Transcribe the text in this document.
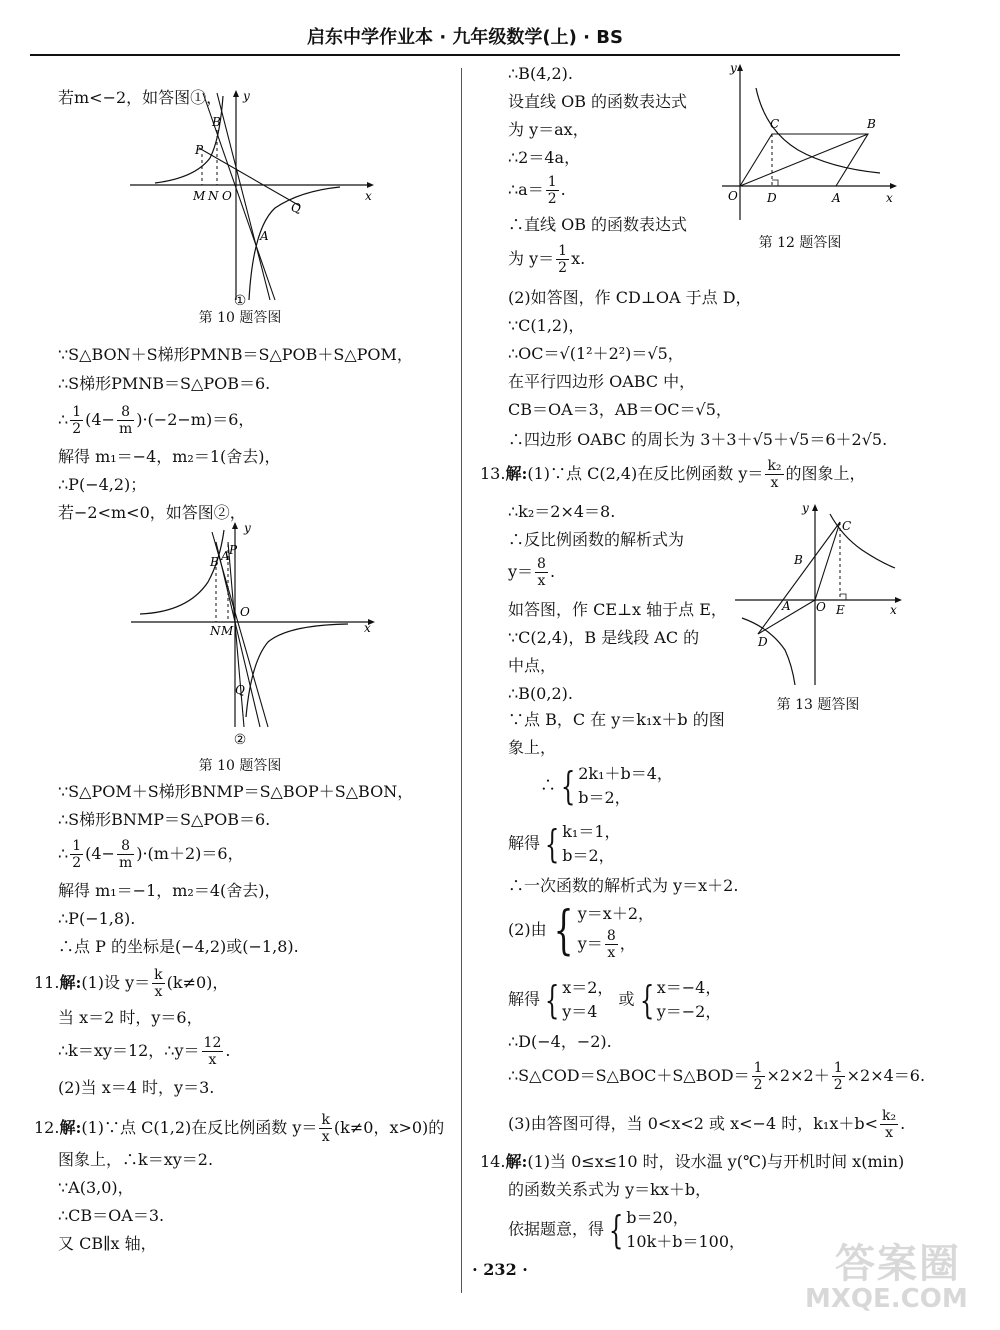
启东中学作业本 · 九年级数学(上) · BS
若m<−2，如答图①， y
x
B
P
M N O
Q
A
①
第 10 题答图
∵S△BON＋S梯形PMNB＝S△POB＋S△POM，
∴S梯形PMNB＝S△POB＝6.
∴ $\frac{1}{2} (4- \frac{8}{m} )\cdot(-2-m)=6$，
解得 m₁＝−4，m₂＝1(舍去)，
∴P(−4,2)；
若−2<m<0，如答图②，
y
x
B A P
O
N M
Q
②
第 10 题答图
∵S△POM＋S梯形BNMP＝S△BOP＋S△BON，
∴S梯形BNMP＝S△POB＝6.
∴ $\frac{1}{2} (4- \frac{8}{m} )\cdot(m+2)=6$，
解得 m₁＝−1，m₂＝4(舍去)，
∴P(−1,8).
∴点 P 的坐标是(−4,2)或(−1,8).
11.解:(1)设 $y= \frac{k}{x} (k\ne 0)$，
当 x＝2 时，y＝6，
∴k＝xy＝12，∴y＝ $\frac{12}{x}$ .
(2)当 x＝4 时，y＝3.
12.解:(1)∵点 C(1,2)在反比例函数 $y= \frac{k}{x} (k\ne 0$，x>0)的
图象上，∴k＝xy＝2.
∵A(3,0)，
∴CB＝OA＝3.
又 CB∥x 轴，
∴B(4,2).
设直线 OB 的函数表达式
为 y＝ax，
∴2＝4a，
∴a＝ $\frac{1}{2}$ .
∴直线 OB 的函数表达式
为 $y= \frac{1}{2} x$.
y
x
C	B
O D	A
第 12 题答图
(2)如答图，作 CD⊥OA 于点 D，
∵C(1,2)，
∴OC＝√(1²＋2²)＝√5，
在平行四边形 OABC 中，
CB＝OA＝3，AB＝OC＝√5，
∴四边形 OABC 的周长为 3＋3＋√5＋√5＝6＋2√5.
13.解:(1)∵点 C(2,4)在反比例函数 $y= \frac{\text{k₂}}{x}$ 的图象上，
∴k₂＝2×4＝8.
∴反比例函数的解析式为
$y= \frac{8}{x}$ .
如答图，作 CE⊥x 轴于点 E，
∵C(2,4)，B 是线段 AC 的
中点，
∴B(0,2).
∵点 B，C 在 y＝k₁x＋b 的图
象上，
y
x
C
B
A O E
D
第 13 题答图
∴ { 2k₁＋b＝4，
b＝2，
解得 { k₁＝1，
b＝2，
∴一次函数的解析式为 y＝x＋2.
(2)由 { y＝x＋2，
$y= \frac{8}{x}$ ，
解得 { x＝2，
y＝4
或 { x＝−4，
y＝−2，
∴D(−4，−2).
∴S△COD＝S△BOC＋S△BOD＝ $\frac{1}{2} \times 2\times 2+ \frac{1}{2} \times 2\times 4=6$.
(3)由答图可得，当 0<x<2 或 x<−4 时，$k_1x+b< \frac{\text{k₂}}{x}$ .
14.解:(1)当 0≤x≤10 时，设水温 y(℃)与开机时间 x(min)
的函数关系式为 y＝kx＋b，
依据题意，得 { b＝20，
10k＋b＝100，
· 232 ·	答案圈
MXQE.COM
